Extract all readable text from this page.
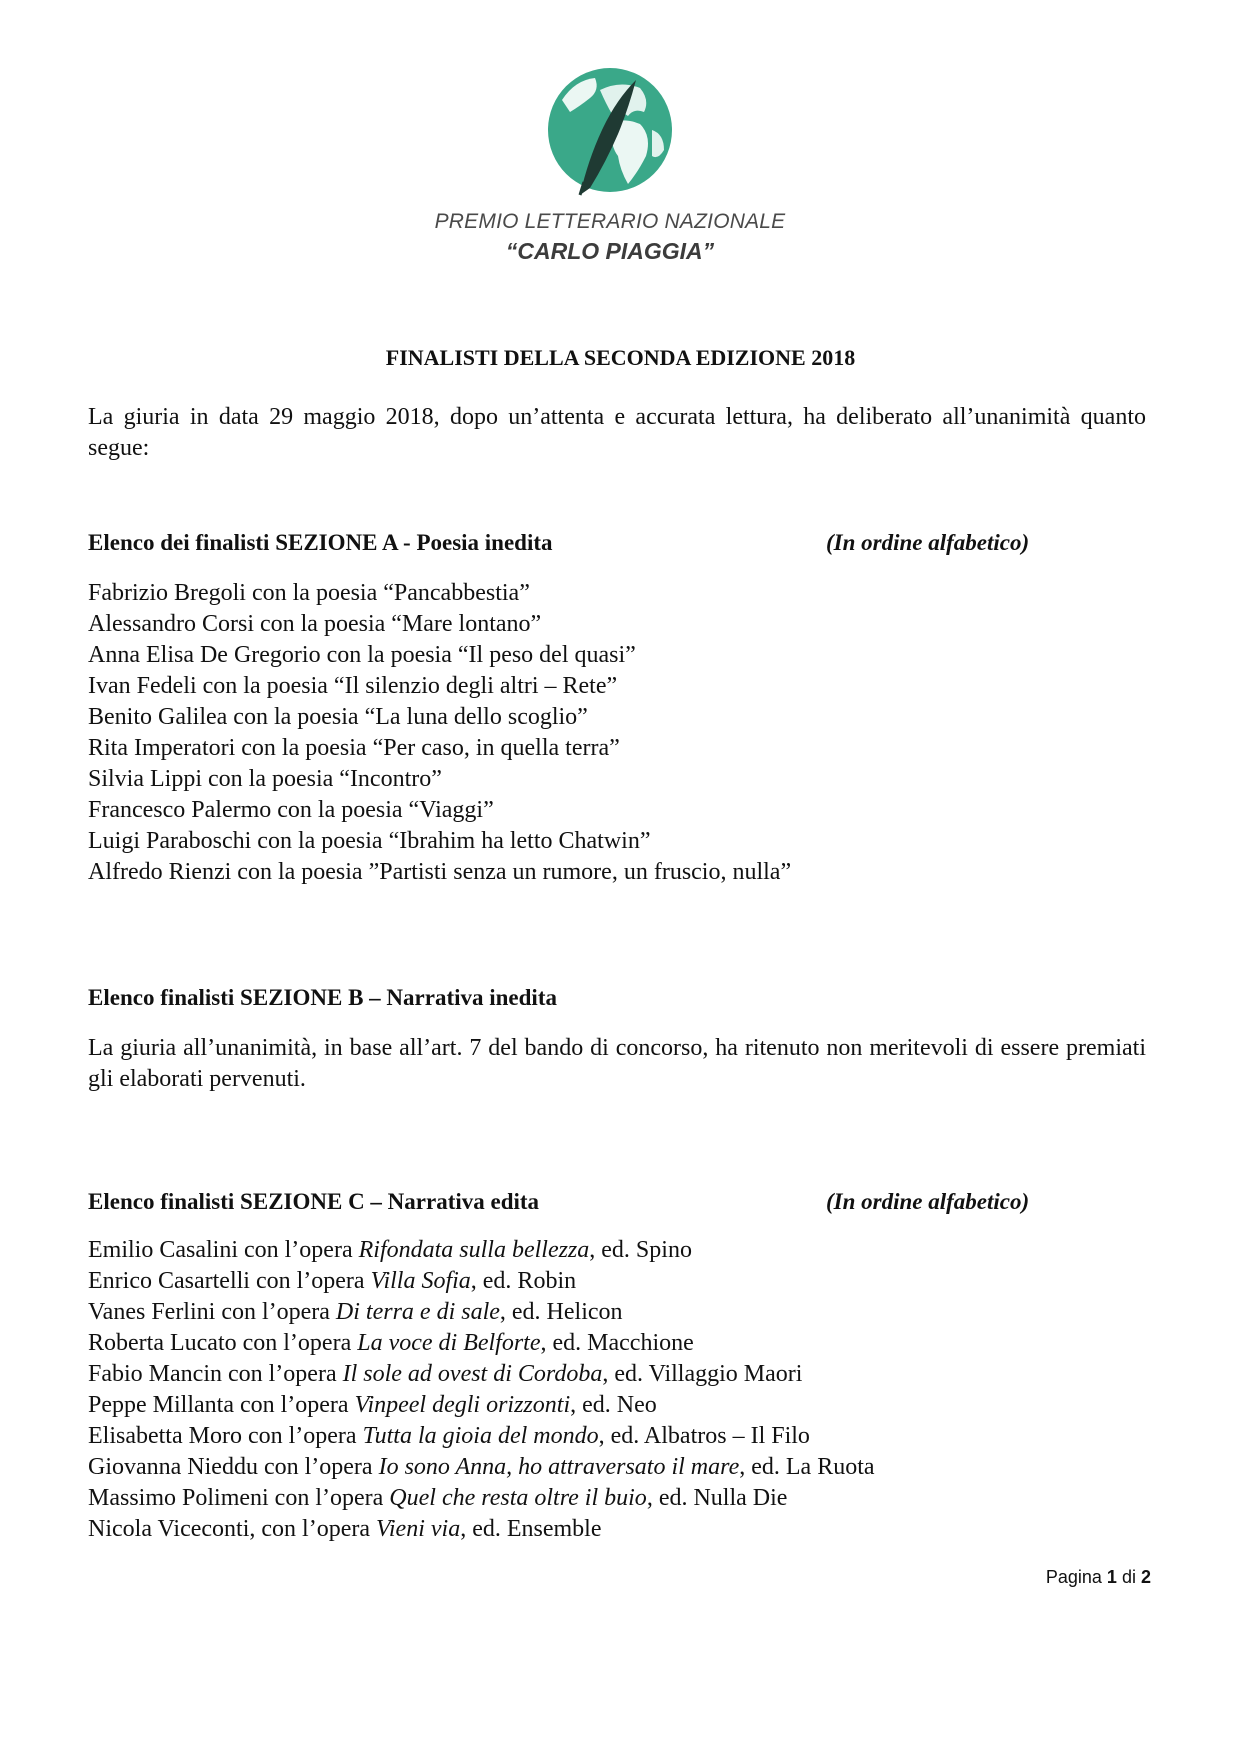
PREMIO LETTERARIO NAZIONALE
“CARLO PIAGGIA”
FINALISTI DELLA SECONDA EDIZIONE 2018
La giuria in data 29 maggio 2018, dopo un’attenta e accurata lettura, ha deliberato all’unanimità quanto segue:
Elenco dei finalisti SEZIONE A - Poesia inedita	(In ordine alfabetico)
Fabrizio Bregoli con la poesia “Pancabbestia”
Alessandro Corsi con la poesia “Mare lontano”
Anna Elisa De Gregorio con la poesia “Il peso del quasi”
Ivan Fedeli con la poesia “Il silenzio degli altri – Rete”
Benito Galilea con la poesia “La luna dello scoglio”
Rita Imperatori con la poesia “Per caso, in quella terra”
Silvia Lippi con la poesia “Incontro”
Francesco Palermo con la poesia “Viaggi”
Luigi Paraboschi con la poesia “Ibrahim ha letto Chatwin”
Alfredo Rienzi con la poesia ”Partisti senza un rumore, un fruscio, nulla”
Elenco finalisti SEZIONE B – Narrativa inedita
La giuria all’unanimità, in base all’art. 7 del bando di concorso, ha ritenuto non meritevoli di essere premiati gli elaborati pervenuti.
Elenco finalisti SEZIONE C – Narrativa edita	(In ordine alfabetico)
Emilio Casalini con l’opera Rifondata sulla bellezza, ed. Spino
Enrico Casartelli con l’opera Villa Sofia, ed. Robin
Vanes Ferlini con l’opera Di terra e di sale, ed. Helicon
Roberta Lucato con l’opera La voce di Belforte, ed. Macchione
Fabio Mancin con l’opera Il sole ad ovest di Cordoba, ed. Villaggio Maori
Peppe Millanta con l’opera Vinpeel degli orizzonti, ed. Neo
Elisabetta Moro con l’opera Tutta la gioia del mondo, ed. Albatros – Il Filo
Giovanna Nieddu con l’opera Io sono Anna, ho attraversato il mare, ed. La Ruota
Massimo Polimeni con l’opera Quel che resta oltre il buio, ed. Nulla Die
Nicola Viceconti, con l’opera Vieni via, ed. Ensemble
Pagina 1 di 2
